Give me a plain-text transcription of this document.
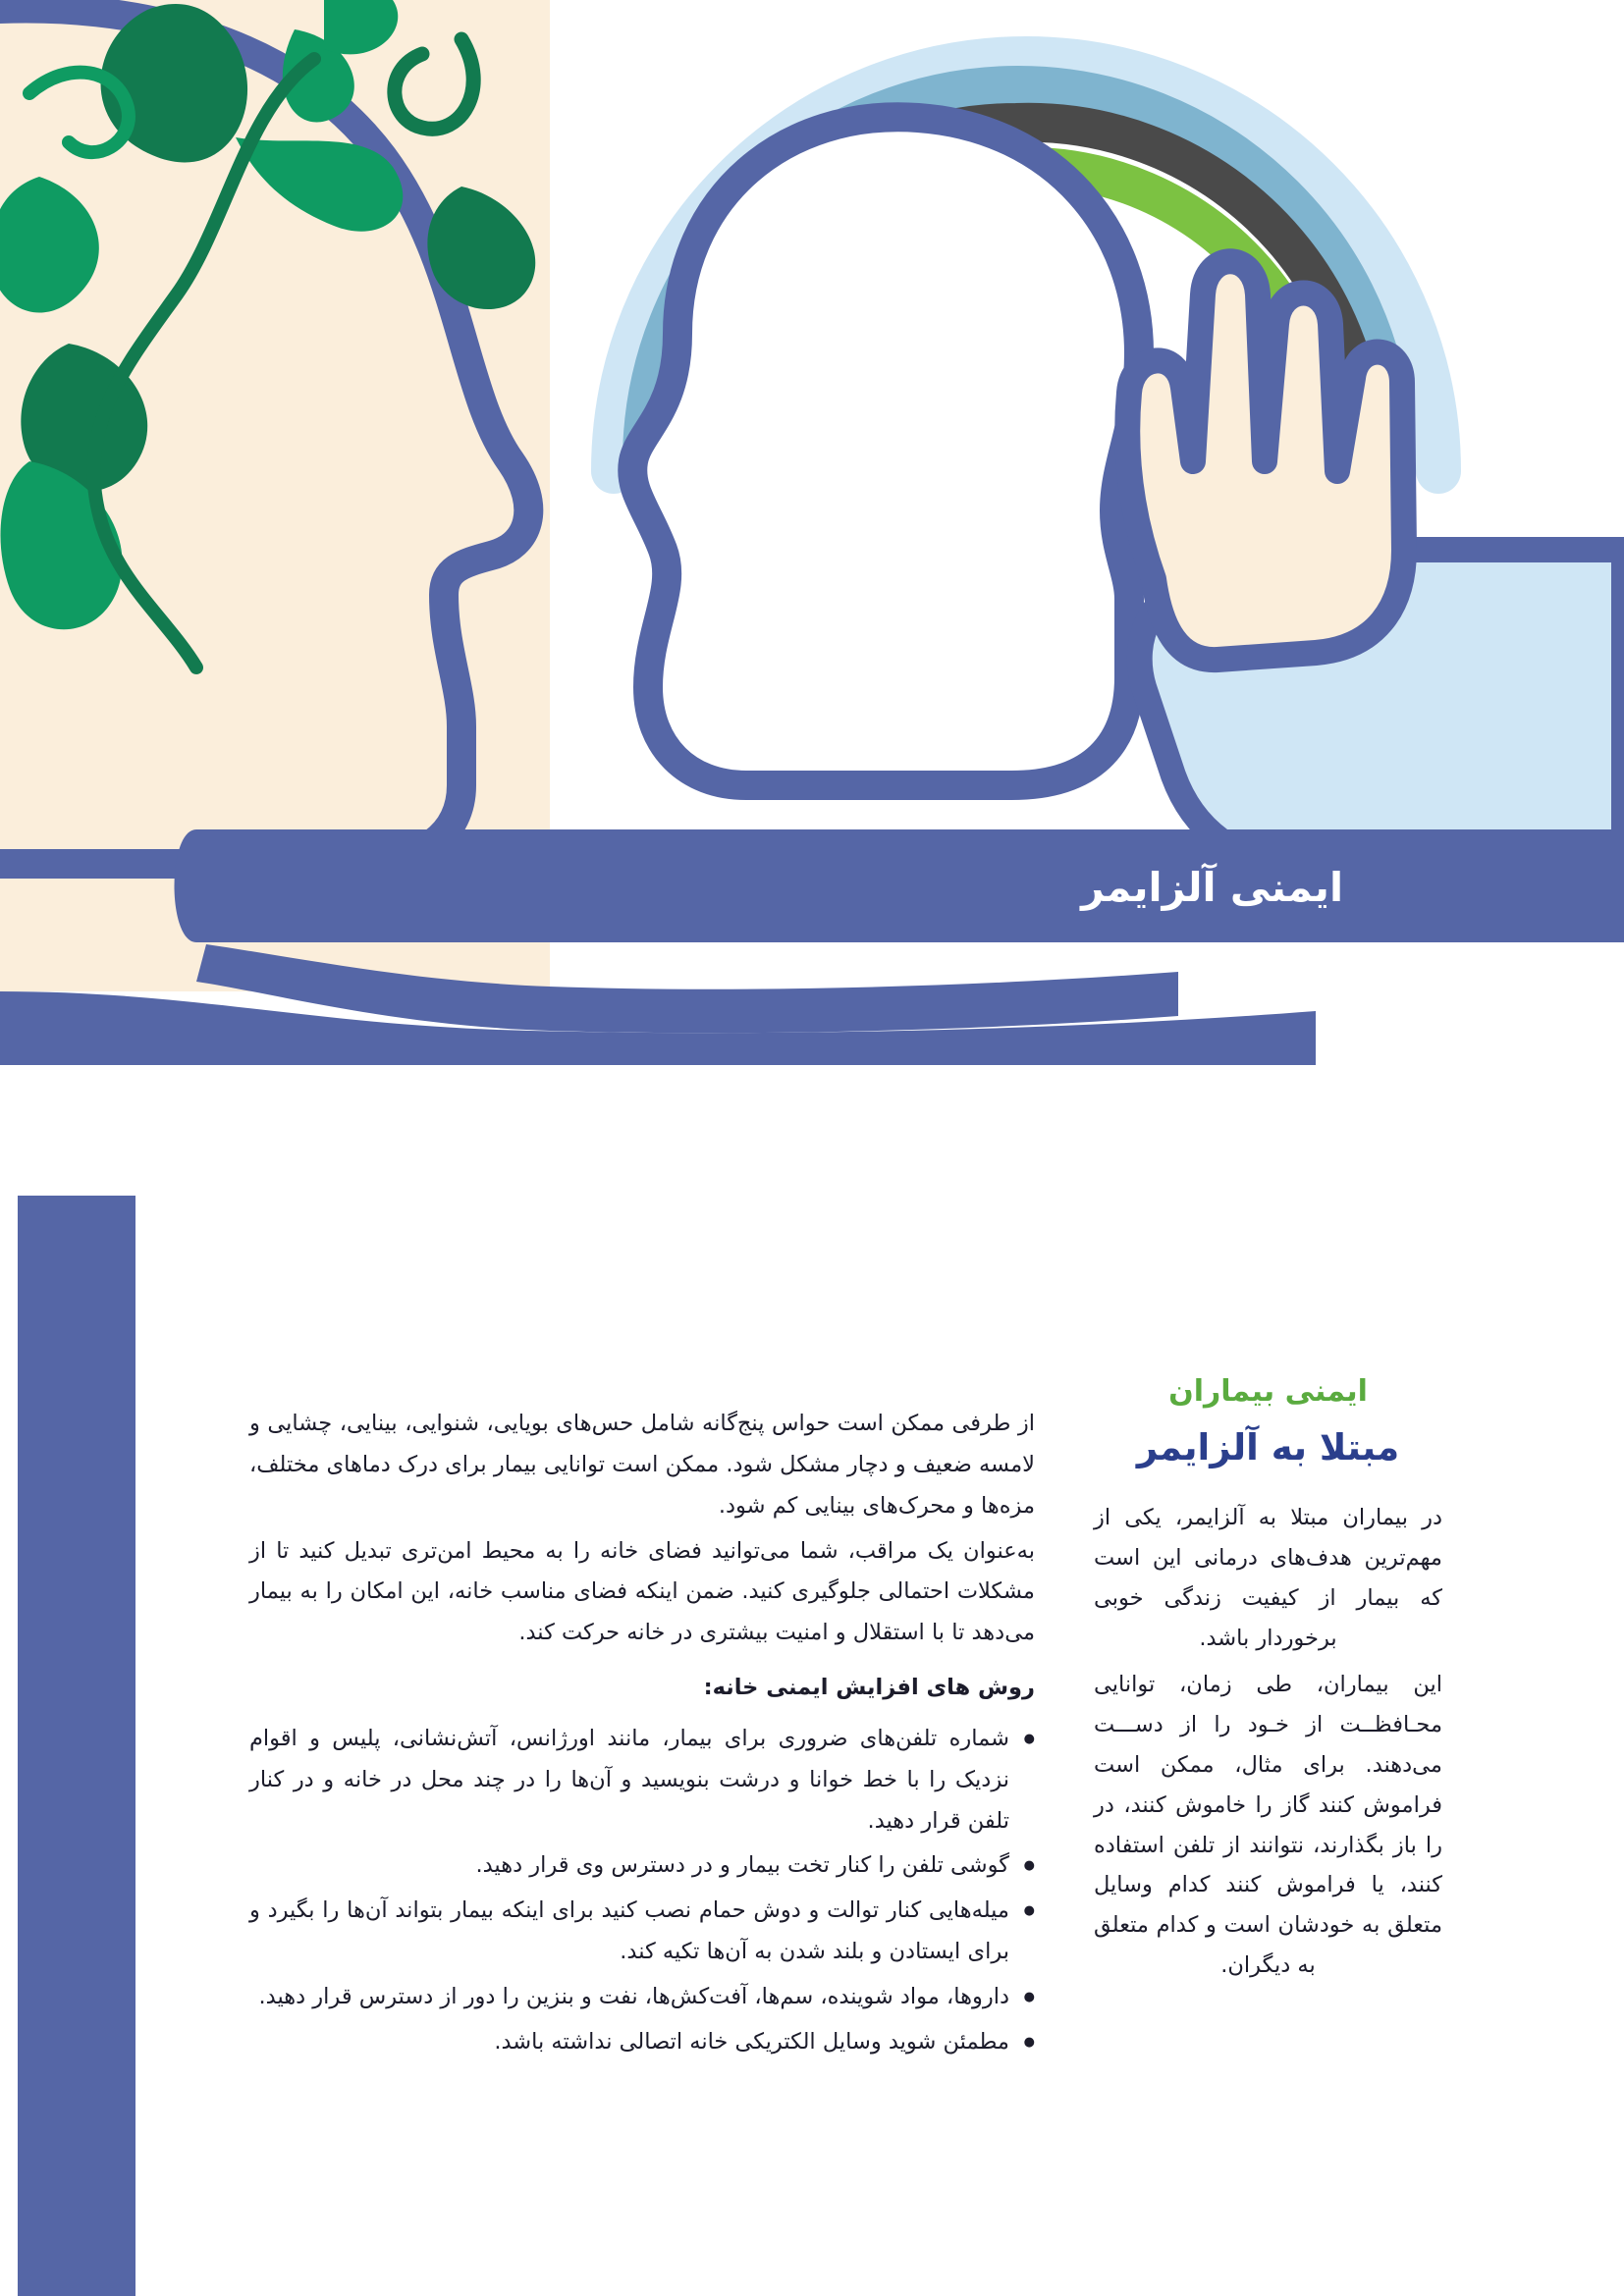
ایمنی آلزایمر
ایمنی بیماران
مبتلا به آلزایمر

در بیماران مبتلا به آلزایمر، یکی از مهم‌ترین هدف‌های درمانی این است که بیمار از کیفیت زندگی خوبی برخوردار باشد.

این بیماران، طی زمان، توانایی محـافظــت از خـود را از دســـت می‌دهند. برای مثال، ممکن است فراموش کنند گاز را خاموش کنند، در را باز بگذارند، نتوانند از تلفن استفاده کنند، یا فراموش کنند کدام وسایل متعلق به خودشان است و کدام متعلق به دیگران.

از طرفی ممکن است حواس پنج‌گانه شامل حس‌های بویایی، شنوایی، بینایی، چشایی و لامسه ضعیف و دچار مشکل شود. ممکن است توانایی بیمار برای درک دماهای مختلف، مزه‌ها و محرک‌های بینایی کم شود.

به‌عنوان یک مراقب، شما می‌توانید فضای خانه را به محیط امن‌تری تبدیل کنید تا از مشکلات احتمالی جلوگیری کنید. ضمن اینکه فضای مناسب خانه، این امکان را به بیمار می‌دهد تا با استقلال و امنیت بیشتری در خانه حرکت کند.

روش های افزایش ایمنی خانه:

● شماره تلفن‌های ضروری برای بیمار، مانند اورژانس، آتش‌نشانی، پلیس و اقوام نزدیک را با خط خوانا و درشت بنویسید و آن‌ها را در چند محل در خانه و در کنار تلفن قرار دهید.
● گوشی تلفن را کنار تخت بیمار و در دسترس وی قرار دهید.
● میله‌هایی کنار توالت و دوش حمام نصب کنید برای اینکه بیمار بتواند آن‌ها را بگیرد و برای ایستادن و بلند شدن به آن‌ها تکیه کند.
● داروها، مواد شوینده، سم‌ها، آفت‌کش‌ها، نفت و بنزین را دور از دسترس قرار دهید.
● مطمئن شوید وسایل الکتریکی خانه اتصالی نداشته باشد.
